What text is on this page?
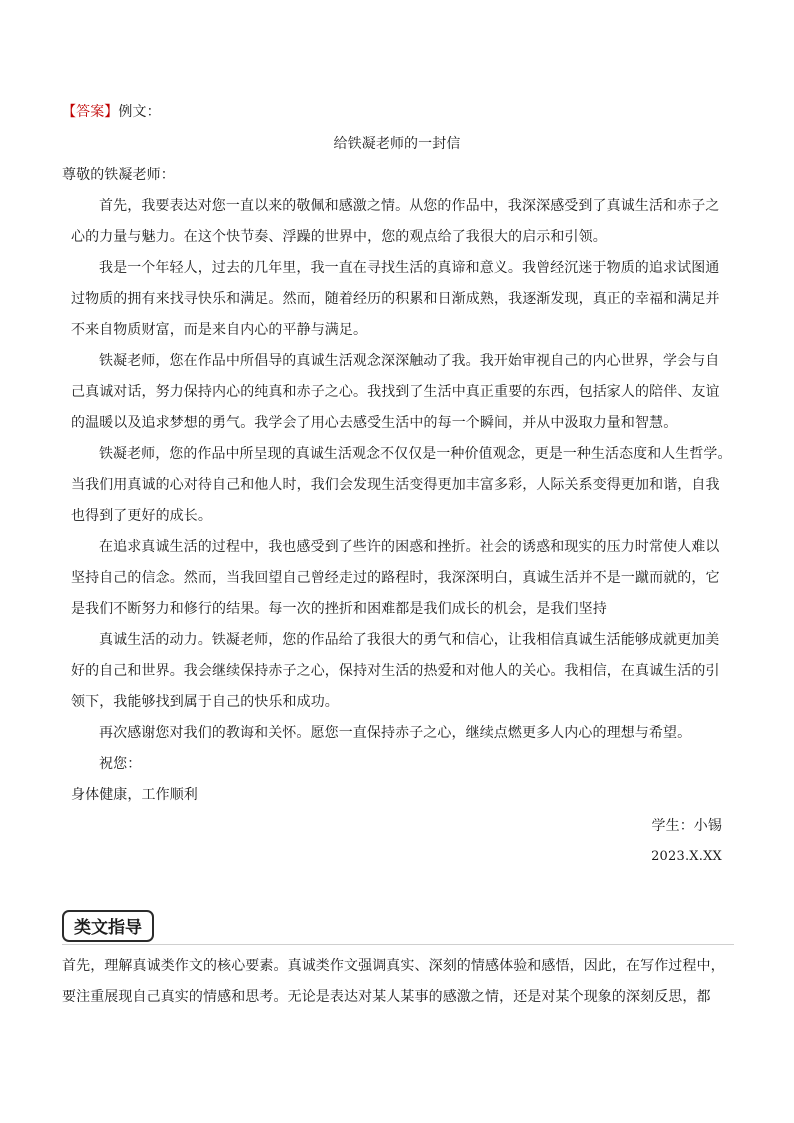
【答案】例文：
给铁凝老师的一封信
尊敬的铁凝老师：
首先，我要表达对您一直以来的敬佩和感激之情。从您的作品中，我深深感受到了真诚生活和赤子之
心的力量与魅力。在这个快节奏、浮躁的世界中，您的观点给了我很大的启示和引领。
我是一个年轻人，过去的几年里，我一直在寻找生活的真谛和意义。我曾经沉迷于物质的追求试图通
过物质的拥有来找寻快乐和满足。然而，随着经历的积累和日渐成熟，我逐渐发现，真正的幸福和满足并
不来自物质财富，而是来自内心的平静与满足。
铁凝老师，您在作品中所倡导的真诚生活观念深深触动了我。我开始审视自己的内心世界，学会与自
己真诚对话，努力保持内心的纯真和赤子之心。我找到了生活中真正重要的东西，包括家人的陪伴、友谊
的温暖以及追求梦想的勇气。我学会了用心去感受生活中的每一个瞬间，并从中汲取力量和智慧。
铁凝老师，您的作品中所呈现的真诚生活观念不仅仅是一种价值观念，更是一种生活态度和人生哲学。
当我们用真诚的心对待自己和他人时，我们会发现生活变得更加丰富多彩，人际关系变得更加和谐，自我
也得到了更好的成长。
在追求真诚生活的过程中，我也感受到了些许的困惑和挫折。社会的诱惑和现实的压力时常使人难以
坚持自己的信念。然而，当我回望自己曾经走过的路程时，我深深明白，真诚生活并不是一蹴而就的，它
是我们不断努力和修行的结果。每一次的挫折和困难都是我们成长的机会，是我们坚持
真诚生活的动力。铁凝老师，您的作品给了我很大的勇气和信心，让我相信真诚生活能够成就更加美
好的自己和世界。我会继续保持赤子之心，保持对生活的热爱和对他人的关心。我相信，在真诚生活的引
领下，我能够找到属于自己的快乐和成功。
再次感谢您对我们的教诲和关怀。愿您一直保持赤子之心，继续点燃更多人内心的理想与希望。
祝您：
身体健康，工作顺利
学生：小锡
2023.X.XX
类文指导
首先，理解真诚类作文的核心要素。真诚类作文强调真实、深刻的情感体验和感悟，因此，在写作过程中，
要注重展现自己真实的情感和思考。无论是表达对某人某事的感激之情，还是对某个现象的深刻反思，都
